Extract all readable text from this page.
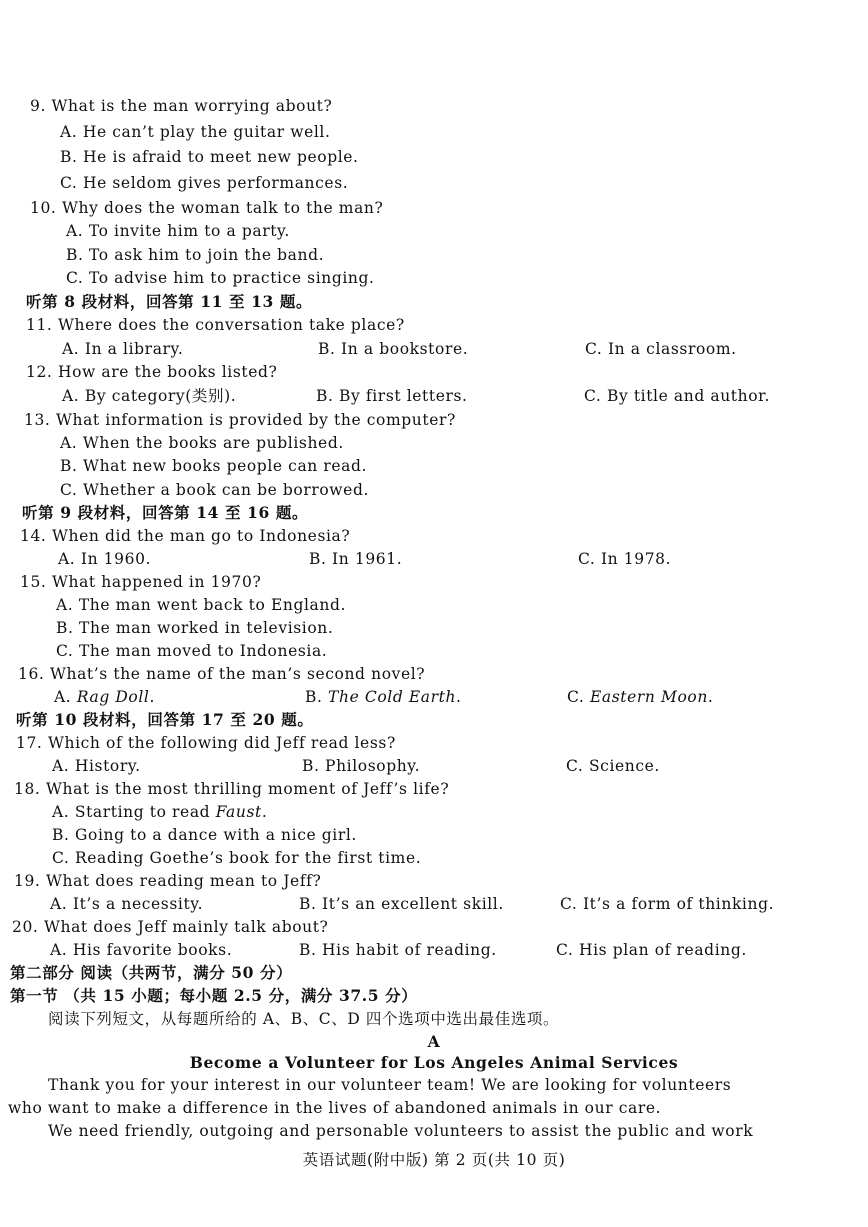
9. What is the man worrying about?
A. He can’t play the guitar well.
B. He is afraid to meet new people.
C. He seldom gives performances.
10. Why does the woman talk to the man?
A. To invite him to a party.
B. To ask him to join the band.
C. To advise him to practice singing.
听第 8 段材料，回答第 11 至 13 题。
11. Where does the conversation take place?
A. In a library.	B. In a bookstore.	C. In a classroom.
12. How are the books listed?
A. By category(类别).	B. By first letters.	C. By title and author.
13. What information is provided by the computer?
A. When the books are published.
B. What new books people can read.
C. Whether a book can be borrowed.
听第 9 段材料，回答第 14 至 16 题。
14. When did the man go to Indonesia?
A. In 1960.	B. In 1961.	C. In 1978.
15. What happened in 1970?
A. The man went back to England.
B. The man worked in television.
C. The man moved to Indonesia.
16. What’s the name of the man’s second novel?
A. Rag Doll.	B. The Cold Earth.	C. Eastern Moon.
听第 10 段材料，回答第 17 至 20 题。
17. Which of the following did Jeff read less?
A. History.	B. Philosophy.	C. Science.
18. What is the most thrilling moment of Jeff’s life?
A. Starting to read Faust.
B. Going to a dance with a nice girl.
C. Reading Goethe’s book for the first time.
19. What does reading mean to Jeff?
A. It’s a necessity.	B. It’s an excellent skill.	C. It’s a form of thinking.
20. What does Jeff mainly talk about?
A. His favorite books.	B. His habit of reading.	C. His plan of reading.
第二部分 阅读（共两节，满分 50 分）
第一节 （共 15 小题；每小题 2.5 分，满分 37.5 分）
阅读下列短文，从每题所给的 A、B、C、D 四个选项中选出最佳选项。
A
Become a Volunteer for Los Angeles Animal Services
Thank you for your interest in our volunteer team! We are looking for volunteers
who want to make a difference in the lives of abandoned animals in our care.
We need friendly, outgoing and personable volunteers to assist the public and work
英语试题(附中版) 第 2 页(共 10 页)
